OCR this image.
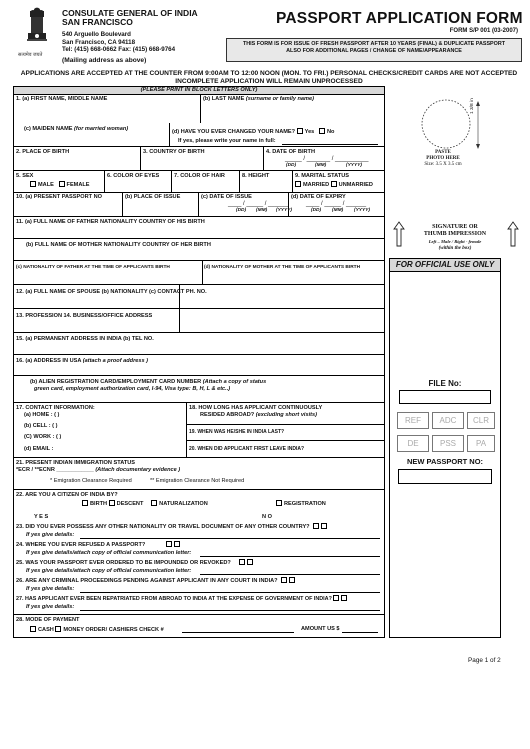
सत्यमेव जयते
CONSULATE GENERAL OF INDIA
SAN FRANCISCO
540 Arguello Boulevard
San Francisco, CA 94118
Tel: (415) 668-0662 Fax: (415) 668-9764
(Mailing address as above)
PASSPORT APPLICATION FORM
FORM S/P 001 (03-2007)
THIS FORM IS FOR ISSUE OF FRESH PASSPORT AFTER 10 YEARS (FINAL) & DUPLICATE PASSPORT
ALSO FOR ADDITIONAL PAGES / CHANGE OF NAME/APPEARANCE
APPLICATIONS ARE ACCEPTED AT THE COUNTER FROM 9:00AM TO 12:00 NOON (MON. TO FRI.) PERSONAL CHECKS/CREDIT CARDS ARE NOT ACCEPTED
INCOMPLETE APPLICATION WILL REMAIN UNPROCESSED
(PLEASE PRINT IN BLOCK LETTERS ONLY)
1. (a) FIRST NAME, MIDDLE NAME	(b) LAST NAME (surname or family name)
(c) MAIDEN NAME (for married woman)	(d) HAVE YOU EVER CHANGED YOUR NAME? Yes No
If yes, please write your name in full:
2. PLACE OF BIRTH	3. COUNTRY OF BIRTH	4. DATE OF BIRTH
_____ / _______ / __________
(DD)	(MM)	(YYYY)
5. SEX
MALE FEMALE
6. COLOR OF EYES	7. COLOR OF HAIR	8. HEIGHT	9. MARITAL STATUS
MARRIED UNMARRIED
10. (a) PRESENT PASSPORT NO	(b) PLACE OF ISSUE	(c) DATE OF ISSUE	(d) DATE OF EXPIRY
____ / _____ / ______	____ / _____ / ______
(DD) (MM) (YYYY)	(DD) (MM) (YYYY)
11. (a) FULL NAME OF FATHER NATIONALITY COUNTRY OF HIS BIRTH
(b) FULL NAME OF MOTHER NATIONALITY COUNTRY OF HER BIRTH
(c) NATIONALITY OF FATHER AT THE TIME OF APPLICANTS BIRTH	(d) NATIONALITY OF MOTHER AT THE TIME OF APPLICANTS BIRTH
12. (a) FULL NAME OF SPOUSE (b) NATIONALITY (c) CONTACT PH. NO.
13. PROFESSION 14. BUSINESS/OFFICE ADDRESS
15. (a) PERMANENT ADDRESS IN INDIA (b) TEL NO.
16. (a) ADDRESS IN USA (attach a proof address )
(b) ALIEN REGISTRATION CARD/EMPLOYMENT CARD NUMBER (Attach a copy of status
green card, employment authorization card, I-94, Visa type: B, H, L & etc..)
17. CONTACT INFORMATION:
(a) HOME : ( )
(b) CELL : ( )
(C) WORK : ( )
(d) EMAIL :
18. HOW LONG HAS APPLICANT CONTINUOUSLY
RESIDED ABROAD? (excluding short visits)
19. WHEN WAS HE/SHE IN INDIA LAST?
20. WHEN DID APPLICANT FIRST LEAVE INDIA?
21. PRESENT INDIAN IMMIGRATION STATUS
*ECR / **ECNR ____________ (Attach documentary evidence )
* Emigration Clearance Required	** Emigration Clearance Not Required
22. ARE YOU A CITIZEN OF INDIA BY?
BIRTH DESCENT	NATURALIZATION	REGISTRATION
Y E S	N O
23. DID YOU EVER POSSESS ANY OTHER NATIONALITY OR TRAVEL DOCUMENT OF ANY OTHER COUNTRY?
If yes give details:
24. WHERE YOU EVER REFUSED A PASSPORT?
If yes give details/attach copy of official communication letter:
25. WAS YOUR PASSPORT EVER ORDERED TO BE IMPOUNDED OR REVOKED?
If yes give details/attach copy of official communication letter:
26. ARE ANY CRIMINAL PROCEEDINGS PENDING AGAINST APPLICANT IN ANY COURT IN INDIA?
If yes give details:
27. HAS APPLICANT EVER BEEN REPATRIATED FROM ABROAD TO INDIA AT THE EXPENSE OF GOVERNMENT OF INDIA?
If yes give details:
28. MODE OF PAYMENT
CASH MONEY ORDER/ CASHIERS CHECK #	AMOUNT US $
1 3/8 in
PASTE
PHOTO HERE
Size: 3.5 X 3.5 cm
SIGNATURE OR
THUMB IMPRESSION
Left – Male / Right - female
(within the box)
FOR OFFICIAL USE ONLY
FILE No:
REF	ADC	CLR
DE	PSS	PA
NEW PASSPORT NO:
Page 1 of 2
